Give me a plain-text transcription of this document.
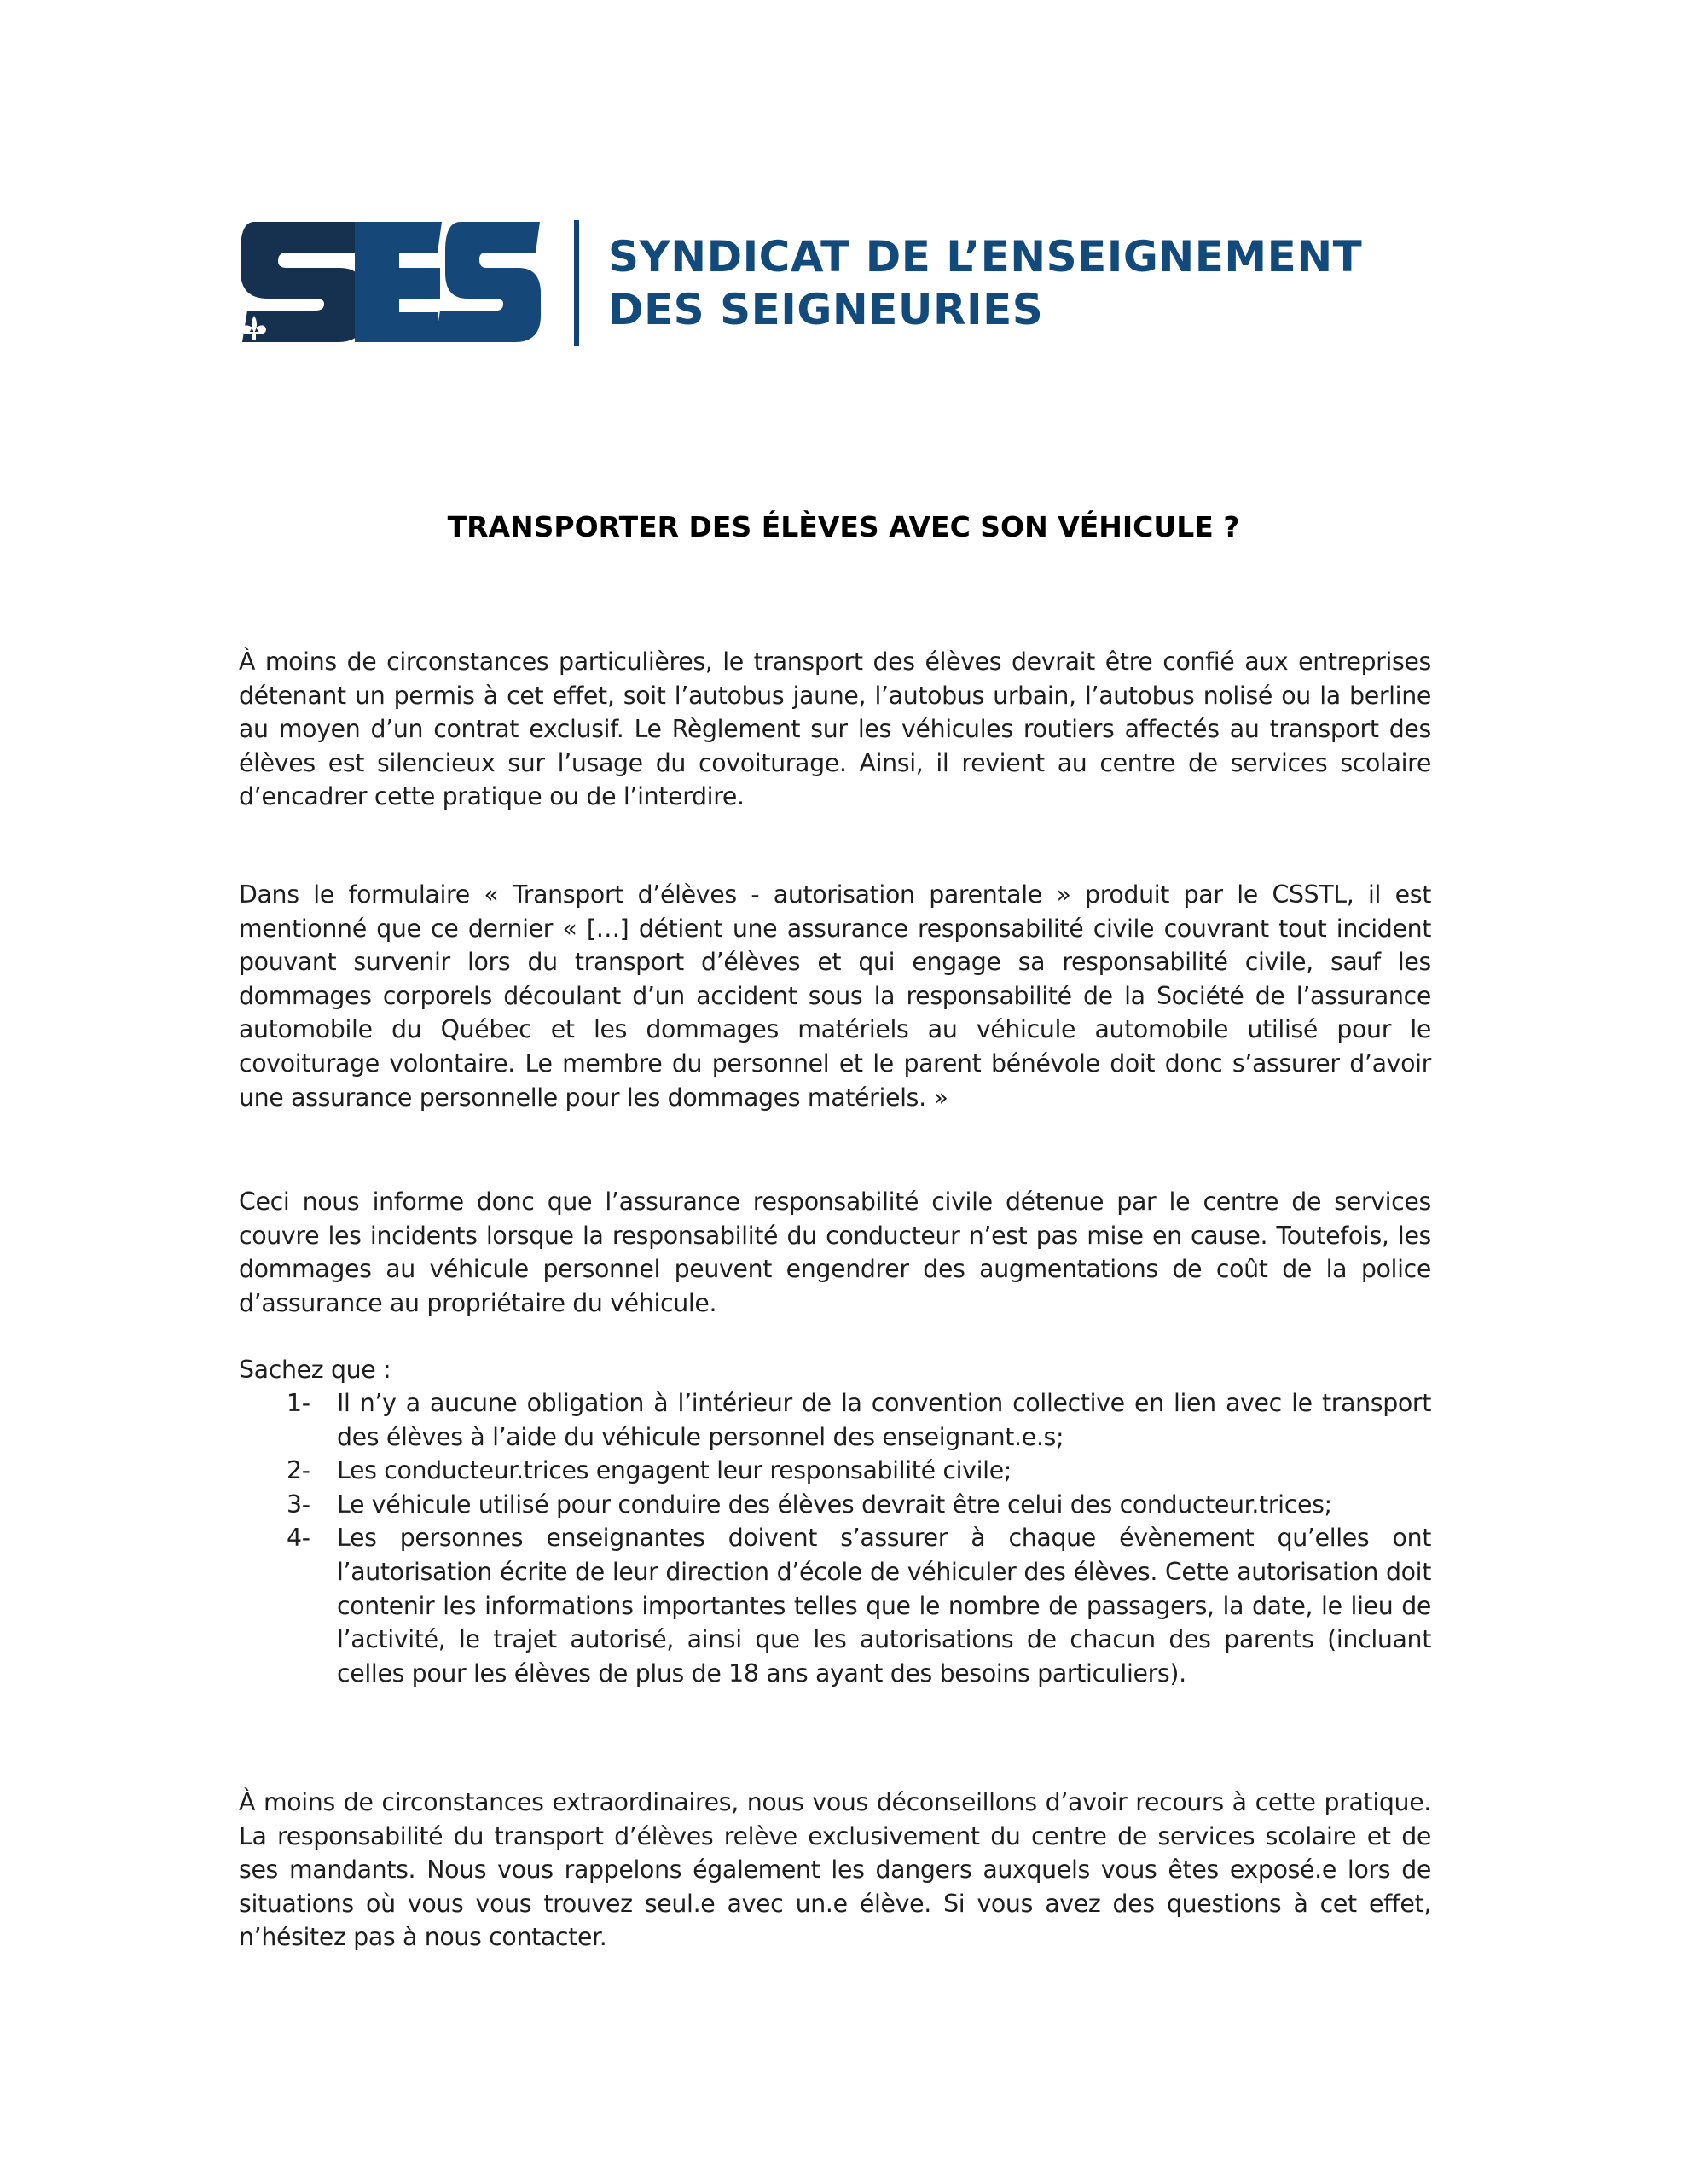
SYNDICAT DE L’ENSEIGNEMENT
DES SEIGNEURIES
TRANSPORTER DES ÉLÈVES AVEC SON VÉHICULE ?

À moins de circonstances particulières, le transport des élèves devrait être confié aux entreprises détenant un permis à cet effet, soit l’autobus jaune, l’autobus urbain, l’autobus nolisé ou la berline au moyen d’un contrat exclusif. Le Règlement sur les véhicules routiers affectés au transport des élèves est silencieux sur l’usage du covoiturage. Ainsi, il revient au centre de services scolaire d’encadrer cette pratique ou de l’interdire.

Dans le formulaire « Transport d’élèves - autorisation parentale » produit par le CSSTL, il est mentionné que ce dernier « […] détient une assurance responsabilité civile couvrant tout incident pouvant survenir lors du transport d’élèves et qui engage sa responsabilité civile, sauf les dommages corporels découlant d’un accident sous la responsabilité de la Société de l’assurance automobile du Québec et les dommages matériels au véhicule automobile utilisé pour le covoiturage volontaire. Le membre du personnel et le parent bénévole doit donc s’assurer d’avoir une assurance personnelle pour les dommages matériels. »

Ceci nous informe donc que l’assurance responsabilité civile détenue par le centre de services couvre les incidents lorsque la responsabilité du conducteur n’est pas mise en cause. Toutefois, les dommages au véhicule personnel peuvent engendrer des augmentations de coût de la police d’assurance au propriétaire du véhicule.

Sachez que :

1- Il n’y a aucune obligation à l’intérieur de la convention collective en lien avec le transport des élèves à l’aide du véhicule personnel des enseignant.e.s;
2- Les conducteur.trices engagent leur responsabilité civile;
3- Le véhicule utilisé pour conduire des élèves devrait être celui des conducteur.trices;
4- Les personnes enseignantes doivent s’assurer à chaque évènement qu’elles ont l’autorisation écrite de leur direction d’école de véhiculer des élèves. Cette autorisation doit contenir les informations importantes telles que le nombre de passagers, la date, le lieu de l’activité, le trajet autorisé, ainsi que les autorisations de chacun des parents (incluant celles pour les élèves de plus de 18 ans ayant des besoins particuliers).

À moins de circonstances extraordinaires, nous vous déconseillons d’avoir recours à cette pratique. La responsabilité du transport d’élèves relève exclusivement du centre de services scolaire et de ses mandants. Nous vous rappelons également les dangers auxquels vous êtes exposé.e lors de situations où vous vous trouvez seul.e avec un.e élève. Si vous avez des questions à cet effet, n’hésitez pas à nous contacter.
